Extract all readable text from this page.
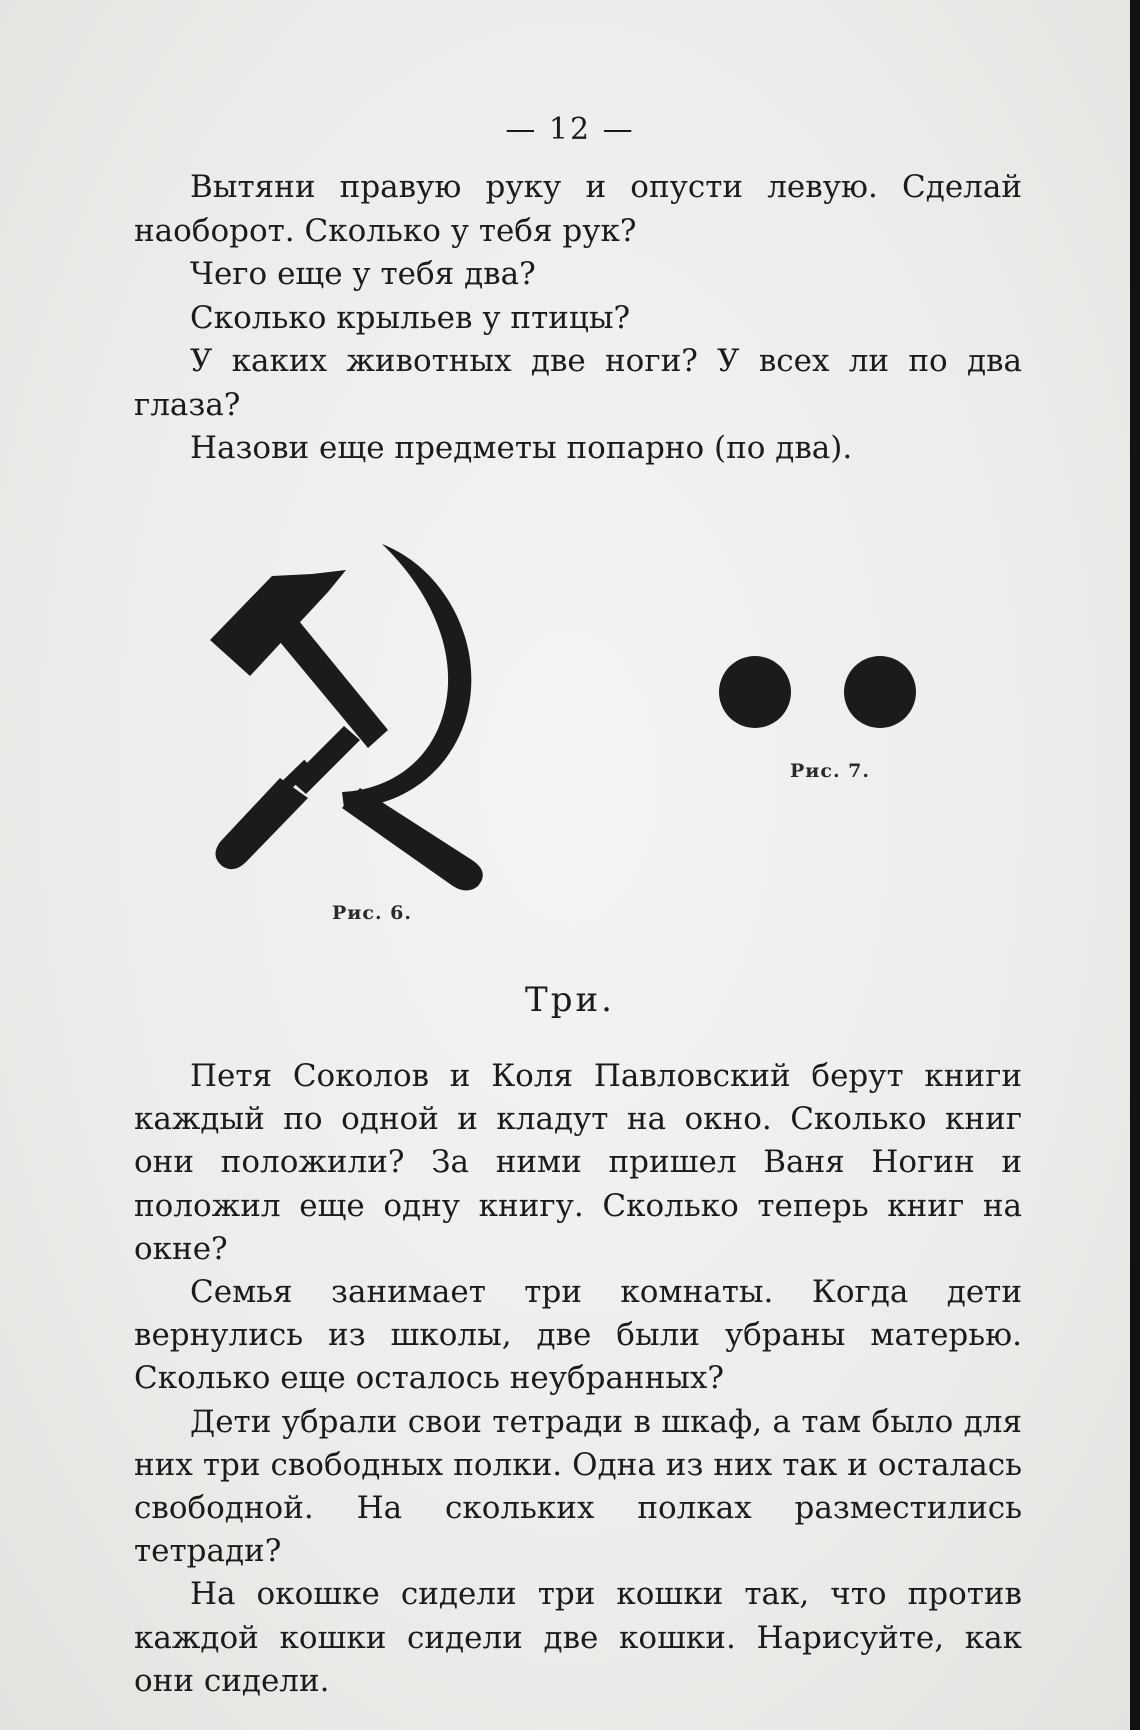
— 12 —

Вытяни правую руку и опусти левую. Сделай наоборот. Сколько у тебя рук?

Чего еще у тебя два?

Сколько крыльев у птицы?

У каких животных две ноги? У всех ли по два глаза?

Назови еще предметы попарно (по два).

Рис. 6.
Рис. 7.
Три.

Петя Соколов и Коля Павловский берут книги каждый по одной и кладут на окно. Сколько книг они положили? За ними пришел Ваня Ногин и положил еще одну книгу. Сколько теперь книг на окне?

Семья занимает три комнаты. Когда дети вернулись из школы, две были убраны матерью. Сколько еще осталось неубранных?

Дети убрали свои тетради в шкаф, а там было для них три свободных полки. Одна из них так и осталась свободной. На скольких полках разместились тетради?

На окошке сидели три кошки так, что против каждой кошки сидели две кошки. Нарисуйте, как они сидели.
